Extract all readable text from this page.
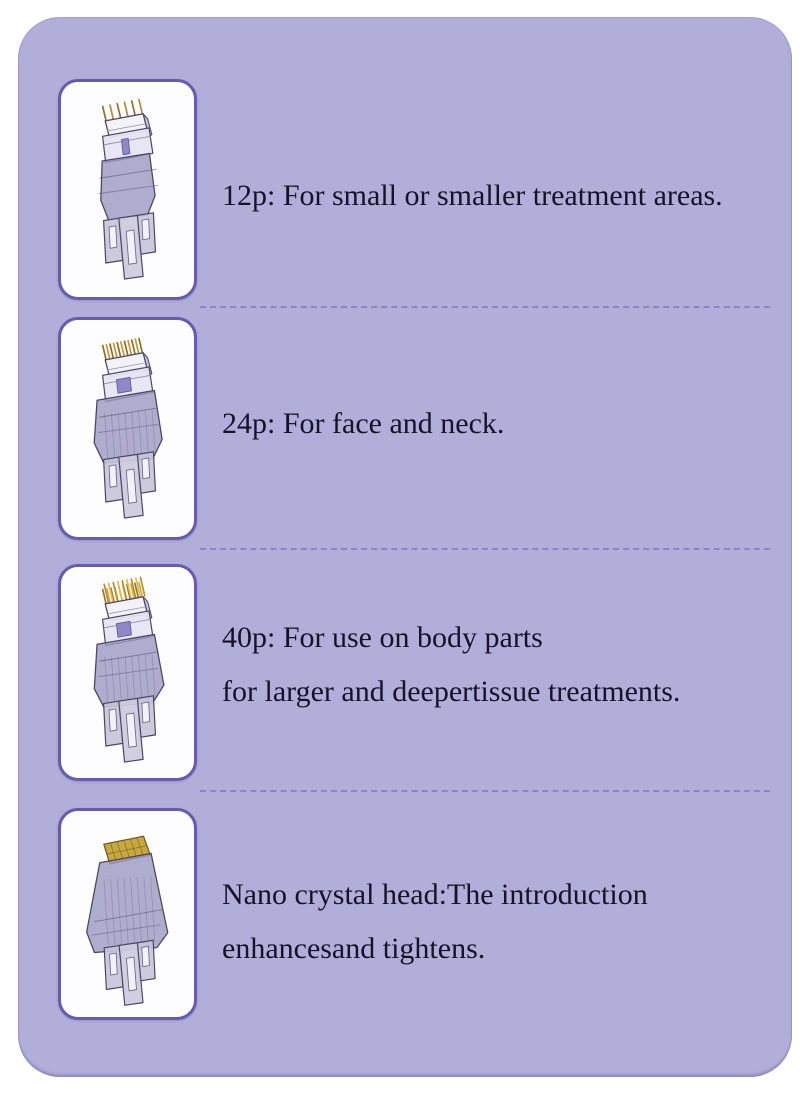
12p: For small or smaller treatment areas.
24p: For face and neck.
40p: For use on body parts
for larger and deepertissue treatments.
Nano crystal head:The introduction
enhancesand tightens.
